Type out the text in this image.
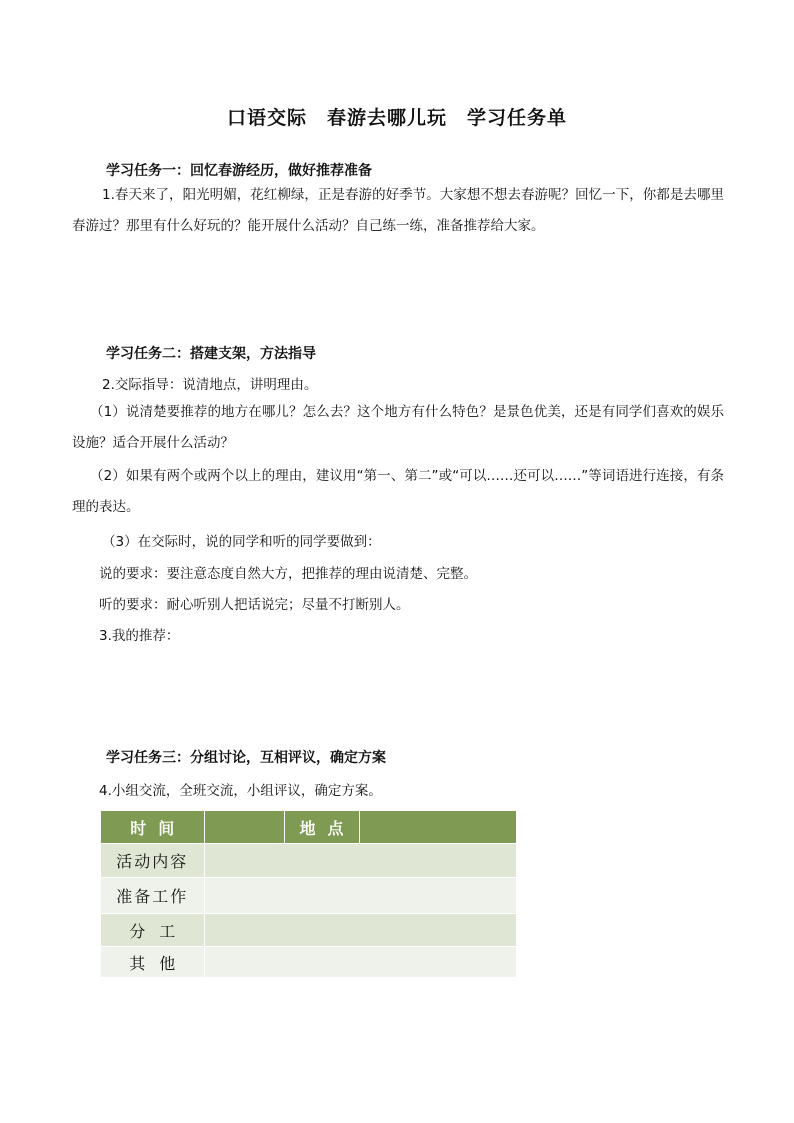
口语交际　春游去哪儿玩　学习任务单
学习任务一：回忆春游经历，做好推荐准备
1.春天来了，阳光明媚，花红柳绿，正是春游的好季节。大家想不想去春游呢？回忆一下，你都是去哪里春游过？那里有什么好玩的？能开展什么活动？自己练一练，准备推荐给大家。
学习任务二：搭建支架，方法指导
2.交际指导：说清地点，讲明理由。
（1）说清楚要推荐的地方在哪儿？怎么去？这个地方有什么特色？是景色优美，还是有同学们喜欢的娱乐设施？适合开展什么活动？
（2）如果有两个或两个以上的理由，建议用“第一、第二”或“可以……还可以……”等词语进行连接，有条理的表达。
（3）在交际时，说的同学和听的同学要做到：
说的要求：要注意态度自然大方，把推荐的理由说清楚、完整。
听的要求：耐心听别人把话说完；尽量不打断别人。
3.我的推荐：
学习任务三：分组讨论，互相评议，确定方案
4.小组交流，全班交流，小组评议，确定方案。
时间		地点	
活动内容			
准备工作			
分工			
其他			
